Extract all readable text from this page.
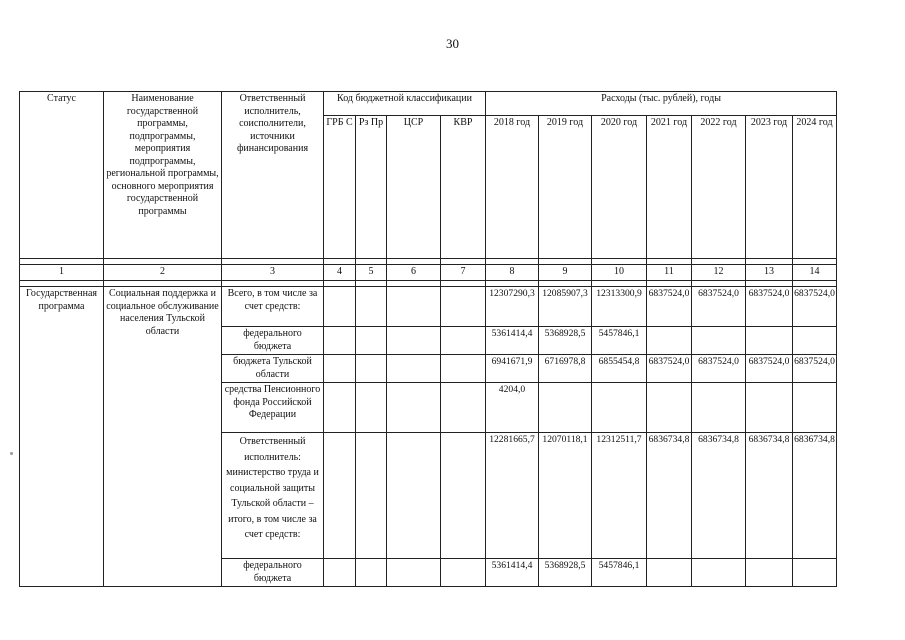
30
Статус	Наименование государственной программы, подпрограммы, мероприятия подпрограммы, региональной программы, основного мероприятия государственной программы	Ответственный исполнитель, соисполнители, источники финансирования	Код бюджетной классификации				Расходы (тыс. рублей), годы						
			ГРБ С	Рз Пр	ЦСР	КВР	2018 год	2019 год	2020 год	2021 год	2022 год	2023 год	2024 год

1	2	3	4	5	6	7	8	9	10	11	12	13	14

Государственная программа	Социальная поддержка и социальное обслуживание населения Тульской области	Всего, в том числе за счет средств:					12307290,3	12085907,3	12313300,9	6837524,0	6837524,0	6837524,0	6837524,0
		федерального бюджета					5361414,4	5368928,5	5457846,1				
		бюджета Тульской области					6941671,9	6716978,8	6855454,8	6837524,0	6837524,0	6837524,0	6837524,0
		средства Пенсионного фонда Российской Федерации					4204,0						
		Ответственный исполнитель: министерство труда и социальной защиты Тульской области – итого, в том числе за счет средств:					12281665,7	12070118,1	12312511,7	6836734,8	6836734,8	6836734,8	6836734,8
		федерального бюджета					5361414,4	5368928,5	5457846,1				
